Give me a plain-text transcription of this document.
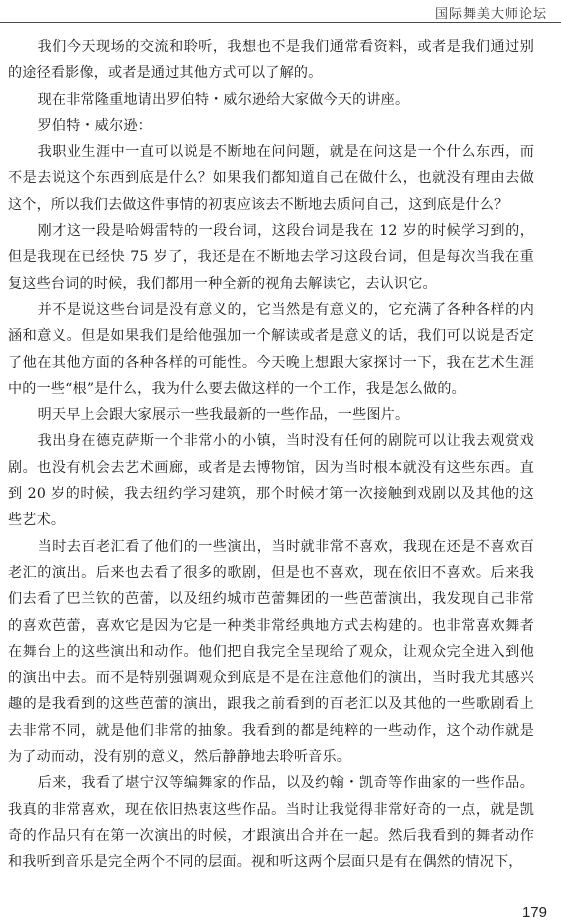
国际舞美大师论坛

我们今天现场的交流和聆听，我想也不是我们通常看资料，或者是我们通过别的途径看影像，或者是通过其他方式可以了解的。

现在非常隆重地请出罗伯特・威尔逊给大家做今天的讲座。

罗伯特・威尔逊：

我职业生涯中一直可以说是不断地在问问题，就是在问这是一个什么东西，而不是去说这个东西到底是什么？如果我们都知道自己在做什么，也就没有理由去做这个，所以我们去做这件事情的初衷应该去不断地去质问自己，这到底是什么？

刚才这一段是哈姆雷特的一段台词，这段台词是我在 12 岁的时候学习到的，但是我现在已经快 75 岁了，我还是在不断地去学习这段台词，但是每次当我在重复这些台词的时候，我们都用一种全新的视角去解读它，去认识它。

并不是说这些台词是没有意义的，它当然是有意义的，它充满了各种各样的内涵和意义。但是如果我们是给他强加一个解读或者是意义的话，我们可以说是否定了他在其他方面的各种各样的可能性。今天晚上想跟大家探讨一下，我在艺术生涯中的一些“根”是什么，我为什么要去做这样的一个工作，我是怎么做的。

明天早上会跟大家展示一些我最新的一些作品，一些图片。

我出身在德克萨斯一个非常小的小镇，当时没有任何的剧院可以让我去观赏戏剧。也没有机会去艺术画廊，或者是去博物馆，因为当时根本就没有这些东西。直到 20 岁的时候，我去纽约学习建筑，那个时候才第一次接触到戏剧以及其他的这些艺术。

当时去百老汇看了他们的一些演出，当时就非常不喜欢，我现在还是不喜欢百老汇的演出。后来也去看了很多的歌剧，但是也不喜欢，现在依旧不喜欢。后来我们去看了巴兰钦的芭蕾，以及纽约城市芭蕾舞团的一些芭蕾演出，我发现自己非常的喜欢芭蕾，喜欢它是因为它是一种类非常经典地方式去构建的。也非常喜欢舞者在舞台上的这些演出和动作。他们把自我完全呈现给了观众，让观众完全进入到他的演出中去。而不是特别强调观众到底是不是在注意他们的演出，当时我尤其感兴趣的是我看到的这些芭蕾的演出，跟我之前看到的百老汇以及其他的一些歌剧看上去非常不同，就是他们非常的抽象。我看到的都是纯粹的一些动作，这个动作就是为了动而动，没有别的意义，然后静静地去聆听音乐。

后来，我看了堪宁汉等编舞家的作品，以及约翰・凯奇等作曲家的一些作品。我真的非常喜欢，现在依旧热衷这些作品。当时让我觉得非常好奇的一点，就是凯奇的作品只有在第一次演出的时候，才跟演出合并在一起。然后我看到的舞者动作和我听到音乐是完全两个不同的层面。视和听这两个层面只是有在偶然的情况下，

179
